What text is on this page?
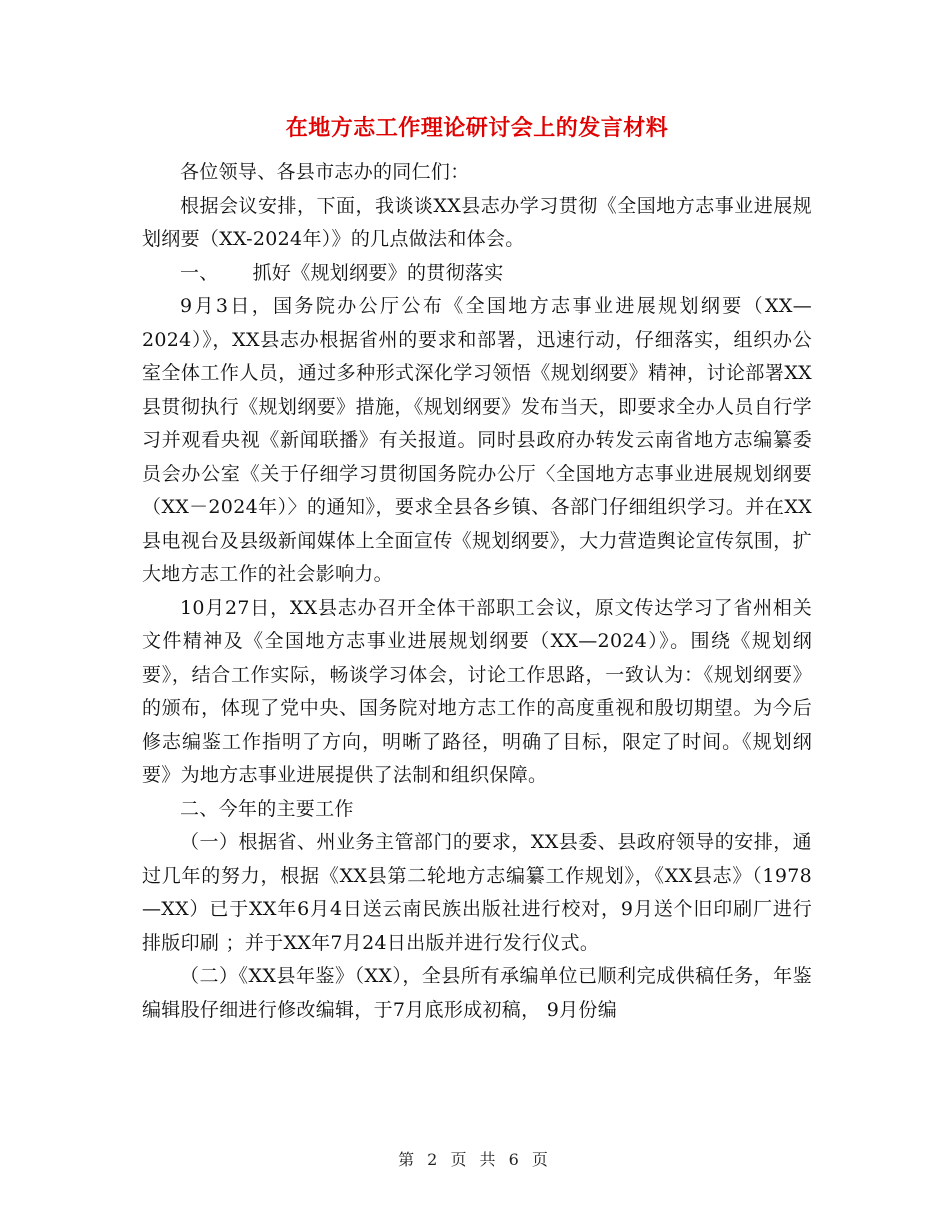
在地方志工作理论研讨会上的发言材料

各位领导、各县市志办的同仁们：

根据会议安排，下面，我谈谈XX县志办学习贯彻《全国地方志事业进展规划纲要（XX-2024年）》的几点做法和体会。

一、 抓好《规划纲要》的贯彻落实

9月3日，国务院办公厅公布《全国地方志事业进展规划纲要（XX—2024）》，XX县志办根据省州的要求和部署，迅速行动，仔细落实，组织办公室全体工作人员，通过多种形式深化学习领悟《规划纲要》精神，讨论部署XX县贯彻执行《规划纲要》措施，《规划纲要》发布当天，即要求全办人员自行学习并观看央视《新闻联播》有关报道。同时县政府办转发云南省地方志编纂委员会办公室《关于仔细学习贯彻国务院办公厅〈全国地方志事业进展规划纲要（XX－2024年）〉的通知》，要求全县各乡镇、各部门仔细组织学习。并在XX县电视台及县级新闻媒体上全面宣传《规划纲要》，大力营造舆论宣传氛围，扩大地方志工作的社会影响力。

10月27日，XX县志办召开全体干部职工会议，原文传达学习了省州相关文件精神及《全国地方志事业进展规划纲要（XX—2024）》。围绕《规划纲要》，结合工作实际，畅谈学习体会，讨论工作思路，一致认为：《规划纲要》的颁布，体现了党中央、国务院对地方志工作的高度重视和殷切期望。为今后修志编鉴工作指明了方向，明晰了路径，明确了目标，限定了时间。《规划纲要》为地方志事业进展提供了法制和组织保障。

二、今年的主要工作

（一）根据省、州业务主管部门的要求，XX县委、县政府领导的安排，通过几年的努力，根据《XX县第二轮地方志编纂工作规划》，《XX县志》（1978—XX）已于XX年6月4日送云南民族出版社进行校对，9月送个旧印刷厂进行排版印刷 ；并于XX年7月24日出版并进行发行仪式。

（二）《XX县年鉴》（XX），全县所有承编单位已顺利完成供稿任务，年鉴编辑股仔细进行修改编辑，于7月底形成初稿， 9月份编

第 2 页 共 6 页
